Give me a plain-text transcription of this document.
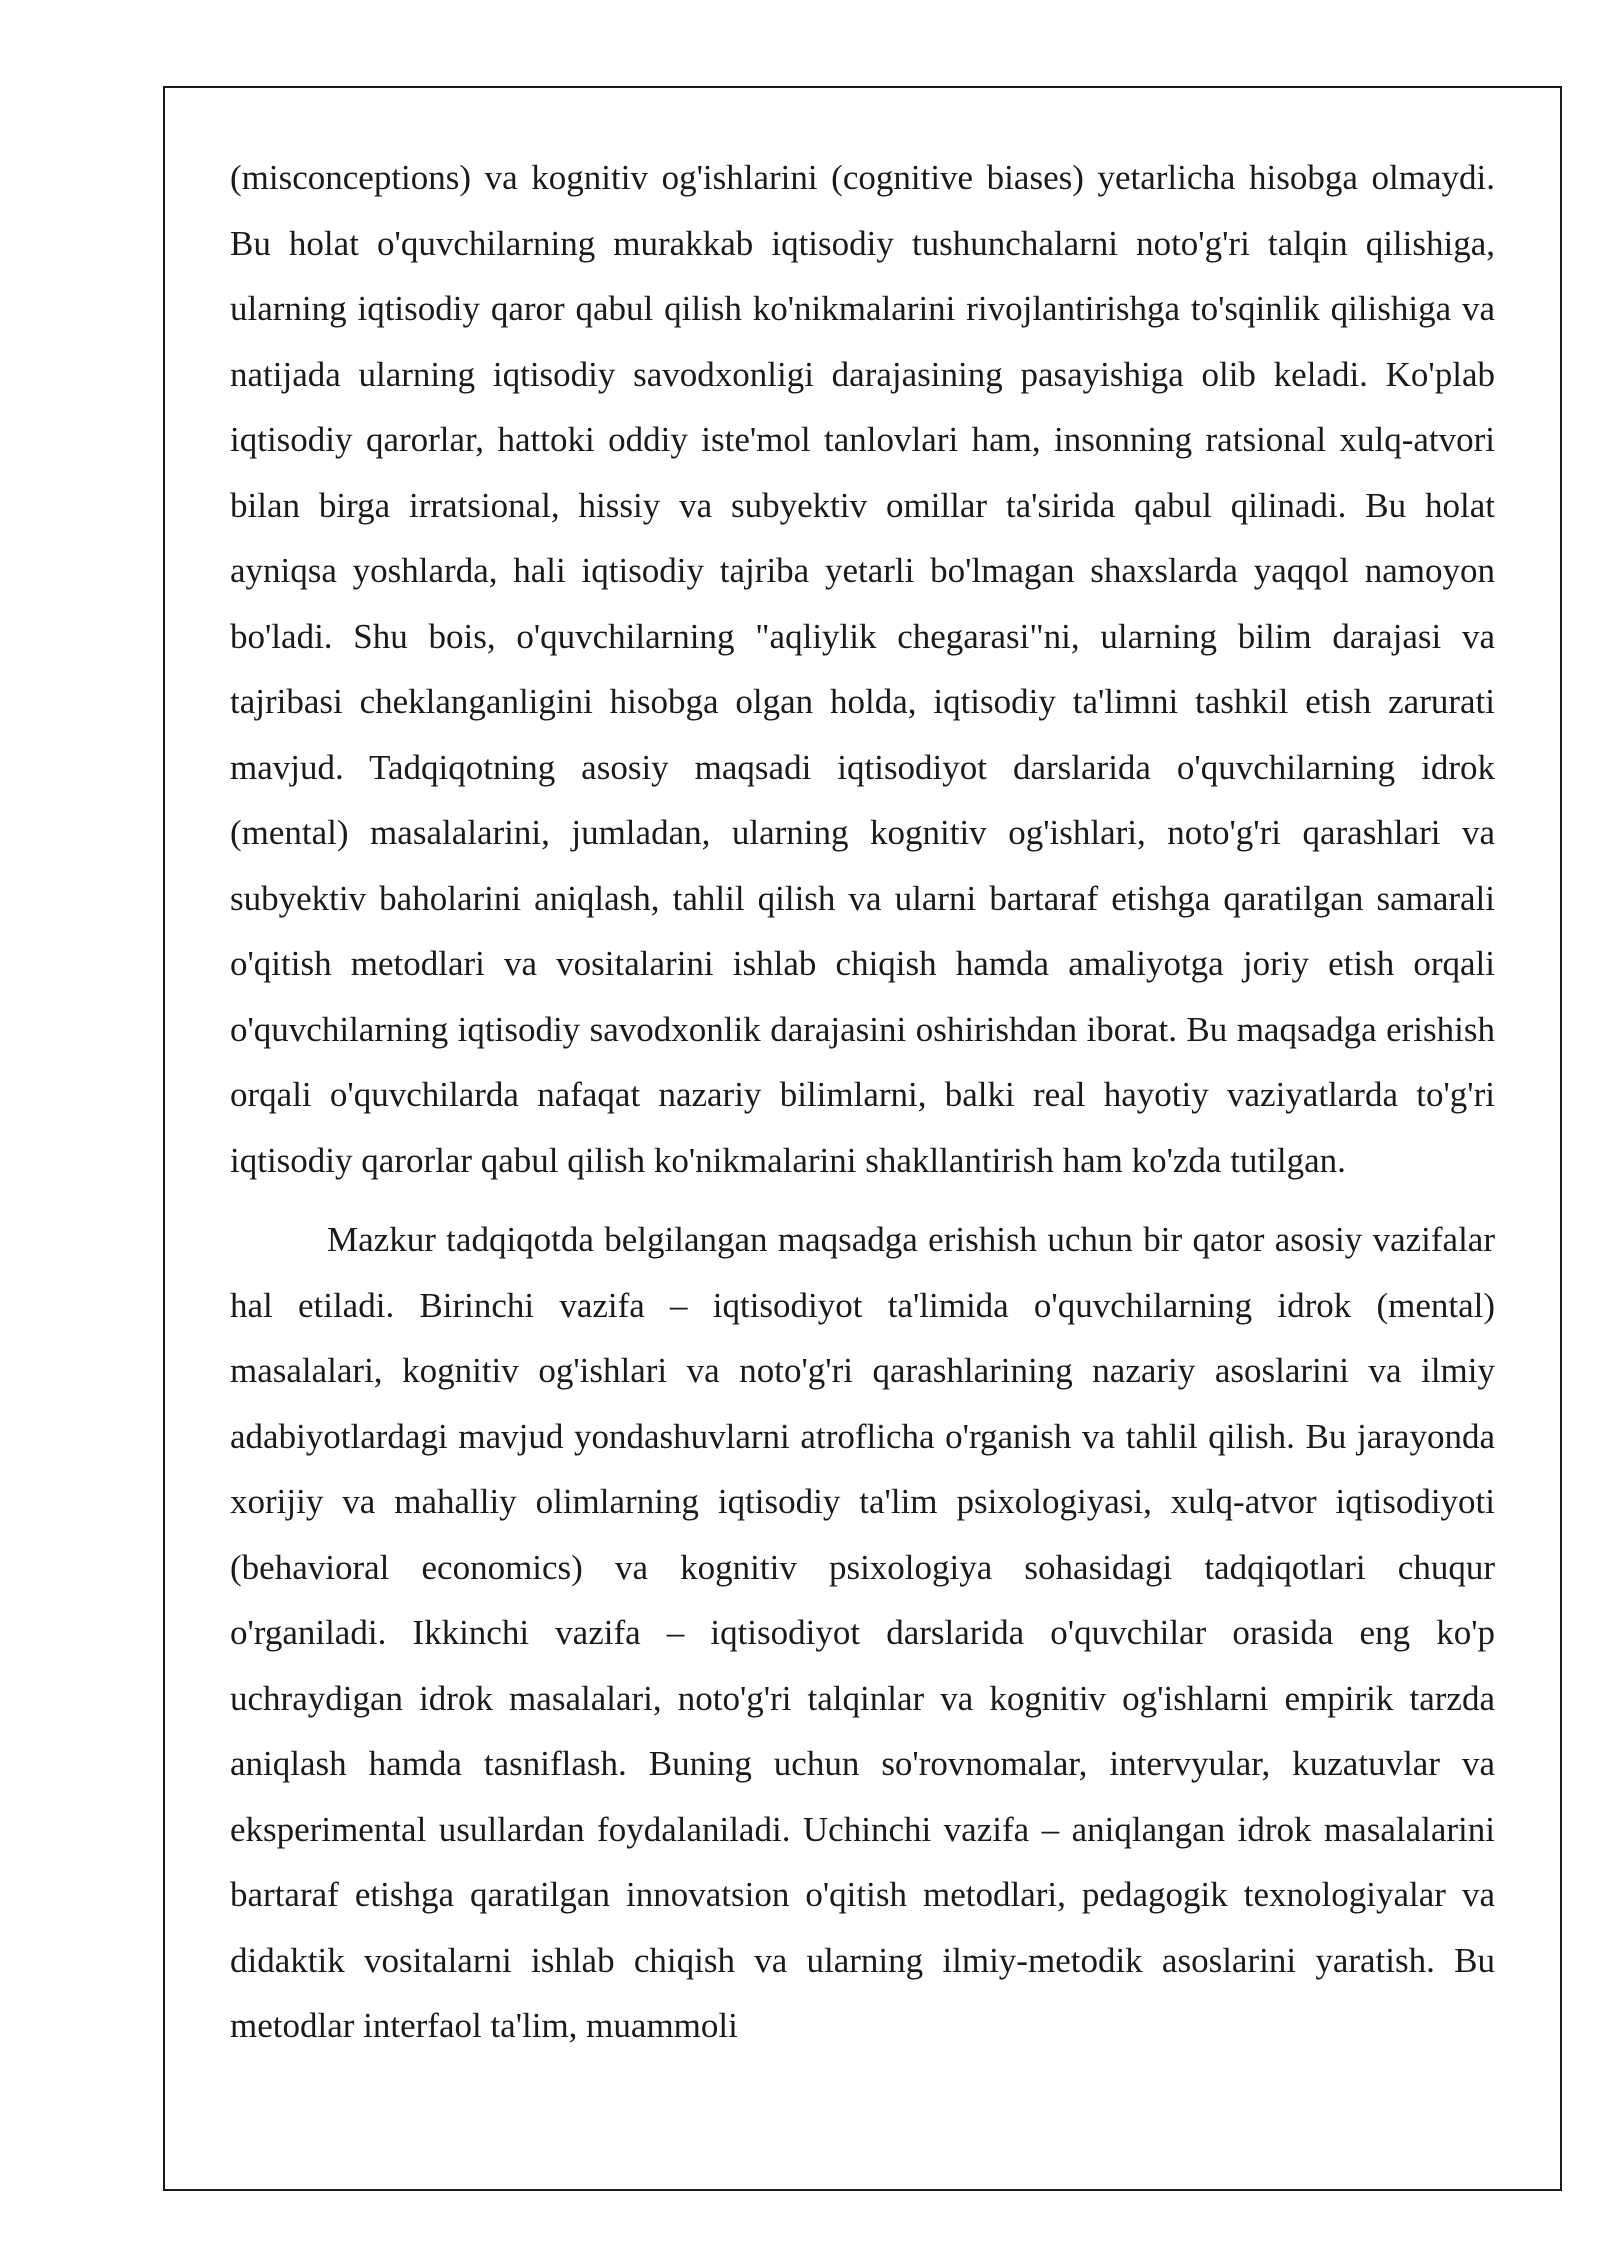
(misconceptions) va kognitiv og'ishlarini (cognitive biases) yetarlicha hisobga olmaydi. Bu holat o'quvchilarning murakkab iqtisodiy tushunchalarni noto'g'ri talqin qilishiga, ularning iqtisodiy qaror qabul qilish ko'nikmalarini rivojlantirishga to'sqinlik qilishiga va natijada ularning iqtisodiy savodxonligi darajasining pasayishiga olib keladi. Ko'plab iqtisodiy qarorlar, hattoki oddiy iste'mol tanlovlari ham, insonning ratsional xulq-atvori bilan birga irratsional, hissiy va subyektiv omillar ta'sirida qabul qilinadi. Bu holat ayniqsa yoshlarda, hali iqtisodiy tajriba yetarli bo'lmagan shaxslarda yaqqol namoyon bo'ladi. Shu bois, o'quvchilarning "aqliylik chegarasi"ni, ularning bilim darajasi va tajribasi cheklanganligini hisobga olgan holda, iqtisodiy ta'limni tashkil etish zarurati mavjud. Tadqiqotning asosiy maqsadi iqtisodiyot darslarida o'quvchilarning idrok (mental) masalalarini, jumladan, ularning kognitiv og'ishlari, noto'g'ri qarashlari va subyektiv baholarini aniqlash, tahlil qilish va ularni bartaraf etishga qaratilgan samarali o'qitish metodlari va vositalarini ishlab chiqish hamda amaliyotga joriy etish orqali o'quvchilarning iqtisodiy savodxonlik darajasini oshirishdan iborat. Bu maqsadga erishish orqali o'quvchilarda nafaqat nazariy bilimlarni, balki real hayotiy vaziyatlarda to'g'ri iqtisodiy qarorlar qabul qilish ko'nikmalarini shakllantirish ham ko'zda tutilgan.

Mazkur tadqiqotda belgilangan maqsadga erishish uchun bir qator asosiy vazifalar hal etiladi. Birinchi vazifa – iqtisodiyot ta'limida o'quvchilarning idrok (mental) masalalari, kognitiv og'ishlari va noto'g'ri qarashlarining nazariy asoslarini va ilmiy adabiyotlardagi mavjud yondashuvlarni atroflicha o'rganish va tahlil qilish. Bu jarayonda xorijiy va mahalliy olimlarning iqtisodiy ta'lim psixologiyasi, xulq-atvor iqtisodiyoti (behavioral economics) va kognitiv psixologiya sohasidagi tadqiqotlari chuqur o'rganiladi. Ikkinchi vazifa – iqtisodiyot darslarida o'quvchilar orasida eng ko'p uchraydigan idrok masalalari, noto'g'ri talqinlar va kognitiv og'ishlarni empirik tarzda aniqlash hamda tasniflash. Buning uchun so'rovnomalar, intervyular, kuzatuvlar va eksperimental usullardan foydalaniladi. Uchinchi vazifa – aniqlangan idrok masalalarini bartaraf etishga qaratilgan innovatsion o'qitish metodlari, pedagogik texnologiyalar va didaktik vositalarni ishlab chiqish va ularning ilmiy-metodik asoslarini yaratish. Bu metodlar interfaol ta'lim, muammoli
